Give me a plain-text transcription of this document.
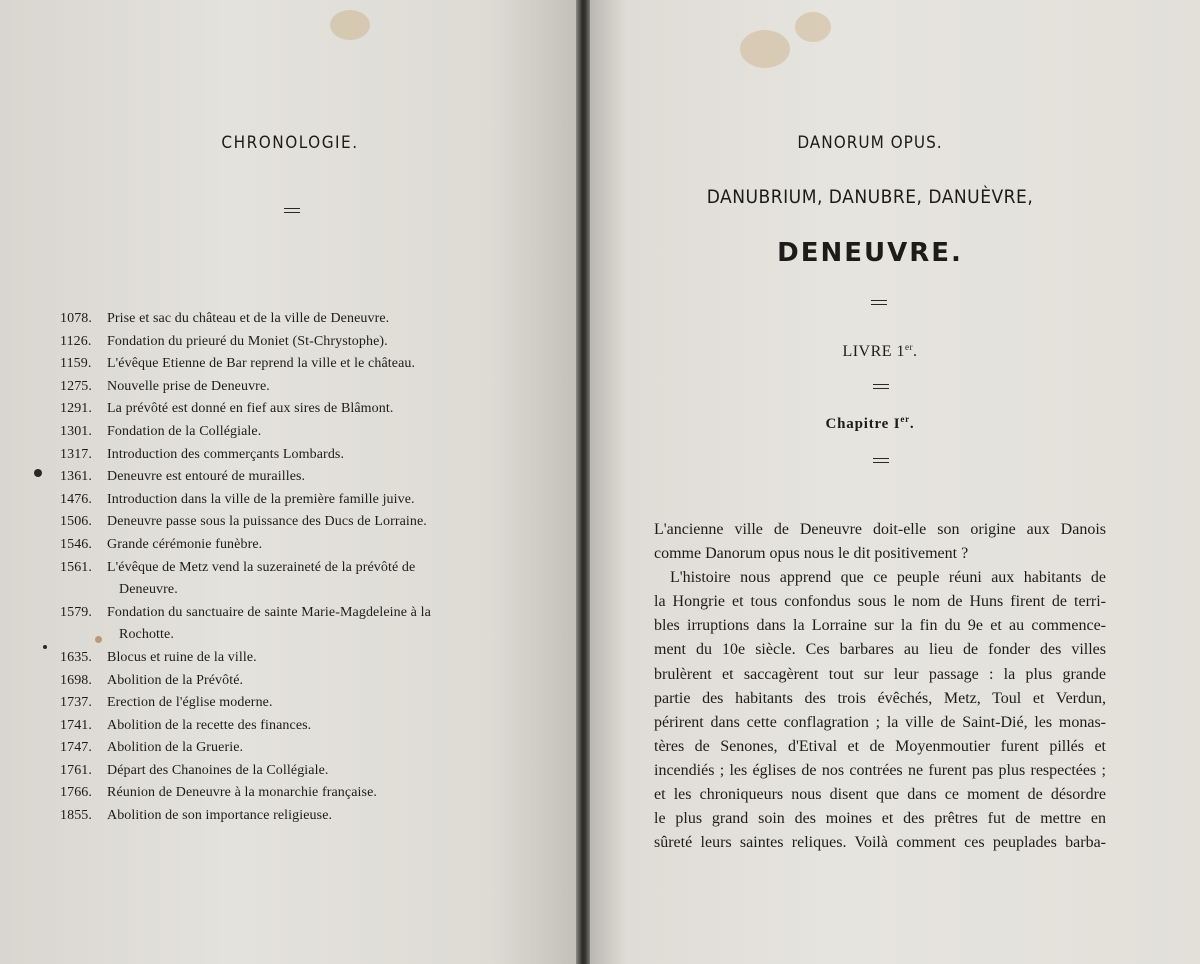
CHRONOLOGIE.
1078.	Prise et sac du château et de la ville de Deneuvre.
1126.	Fondation du prieuré du Moniet (St-Chrystophe).
1159.	L'évêque Etienne de Bar reprend la ville et le château.
1275.	Nouvelle prise de Deneuvre.
1291.	La prévôté est donné en fief aux sires de Blâmont.
1301.	Fondation de la Collégiale.
1317.	Introduction des commerçants Lombards.
1361.	Deneuvre est entouré de murailles.
1476.	Introduction dans la ville de la première famille juive.
1506.	Deneuvre passe sous la puissance des Ducs de Lorraine.
1546.	Grande cérémonie funèbre.
1561.	L'évêque de Metz vend la suzeraineté de la prévôté de
Deneuvre.
1579.	Fondation du sanctuaire de sainte Marie-Magdeleine à la
Rochotte.
1635.	Blocus et ruine de la ville.
1698.	Abolition de la Prévôté.
1737.	Erection de l'église moderne.
1741.	Abolition de la recette des finances.
1747.	Abolition de la Gruerie.
1761.	Départ des Chanoines de la Collégiale.
1766.	Réunion de Deneuvre à la monarchie française.
1855.	Abolition de son importance religieuse.
DANORUM OPUS.
DANUBRIUM, DANUBRE, DANUÈVRE,
DENEUVRE.
LIVRE 1er.
Chapitre Ier.
L'ancienne ville de Deneuvre doit-elle son origine aux Danois
comme Danorum opus nous le dit positivement ?
L'histoire nous apprend que ce peuple réuni aux habitants de
la Hongrie et tous confondus sous le nom de Huns firent de terri-
bles irruptions dans la Lorraine sur la fin du 9e et au commence-
ment du 10e siècle. Ces barbares au lieu de fonder des villes
brulèrent et saccagèrent tout sur leur passage : la plus grande
partie des habitants des trois évêchés, Metz, Toul et Verdun,
périrent dans cette conflagration ; la ville de Saint-Dié, les monas-
tères de Senones, d'Etival et de Moyenmoutier furent pillés et
incendiés ; les églises de nos contrées ne furent pas plus respectées ;
et les chroniqueurs nous disent que dans ce moment de désordre
le plus grand soin des moines et des prêtres fut de mettre en
sûreté leurs saintes reliques. Voilà comment ces peuplades barba-
